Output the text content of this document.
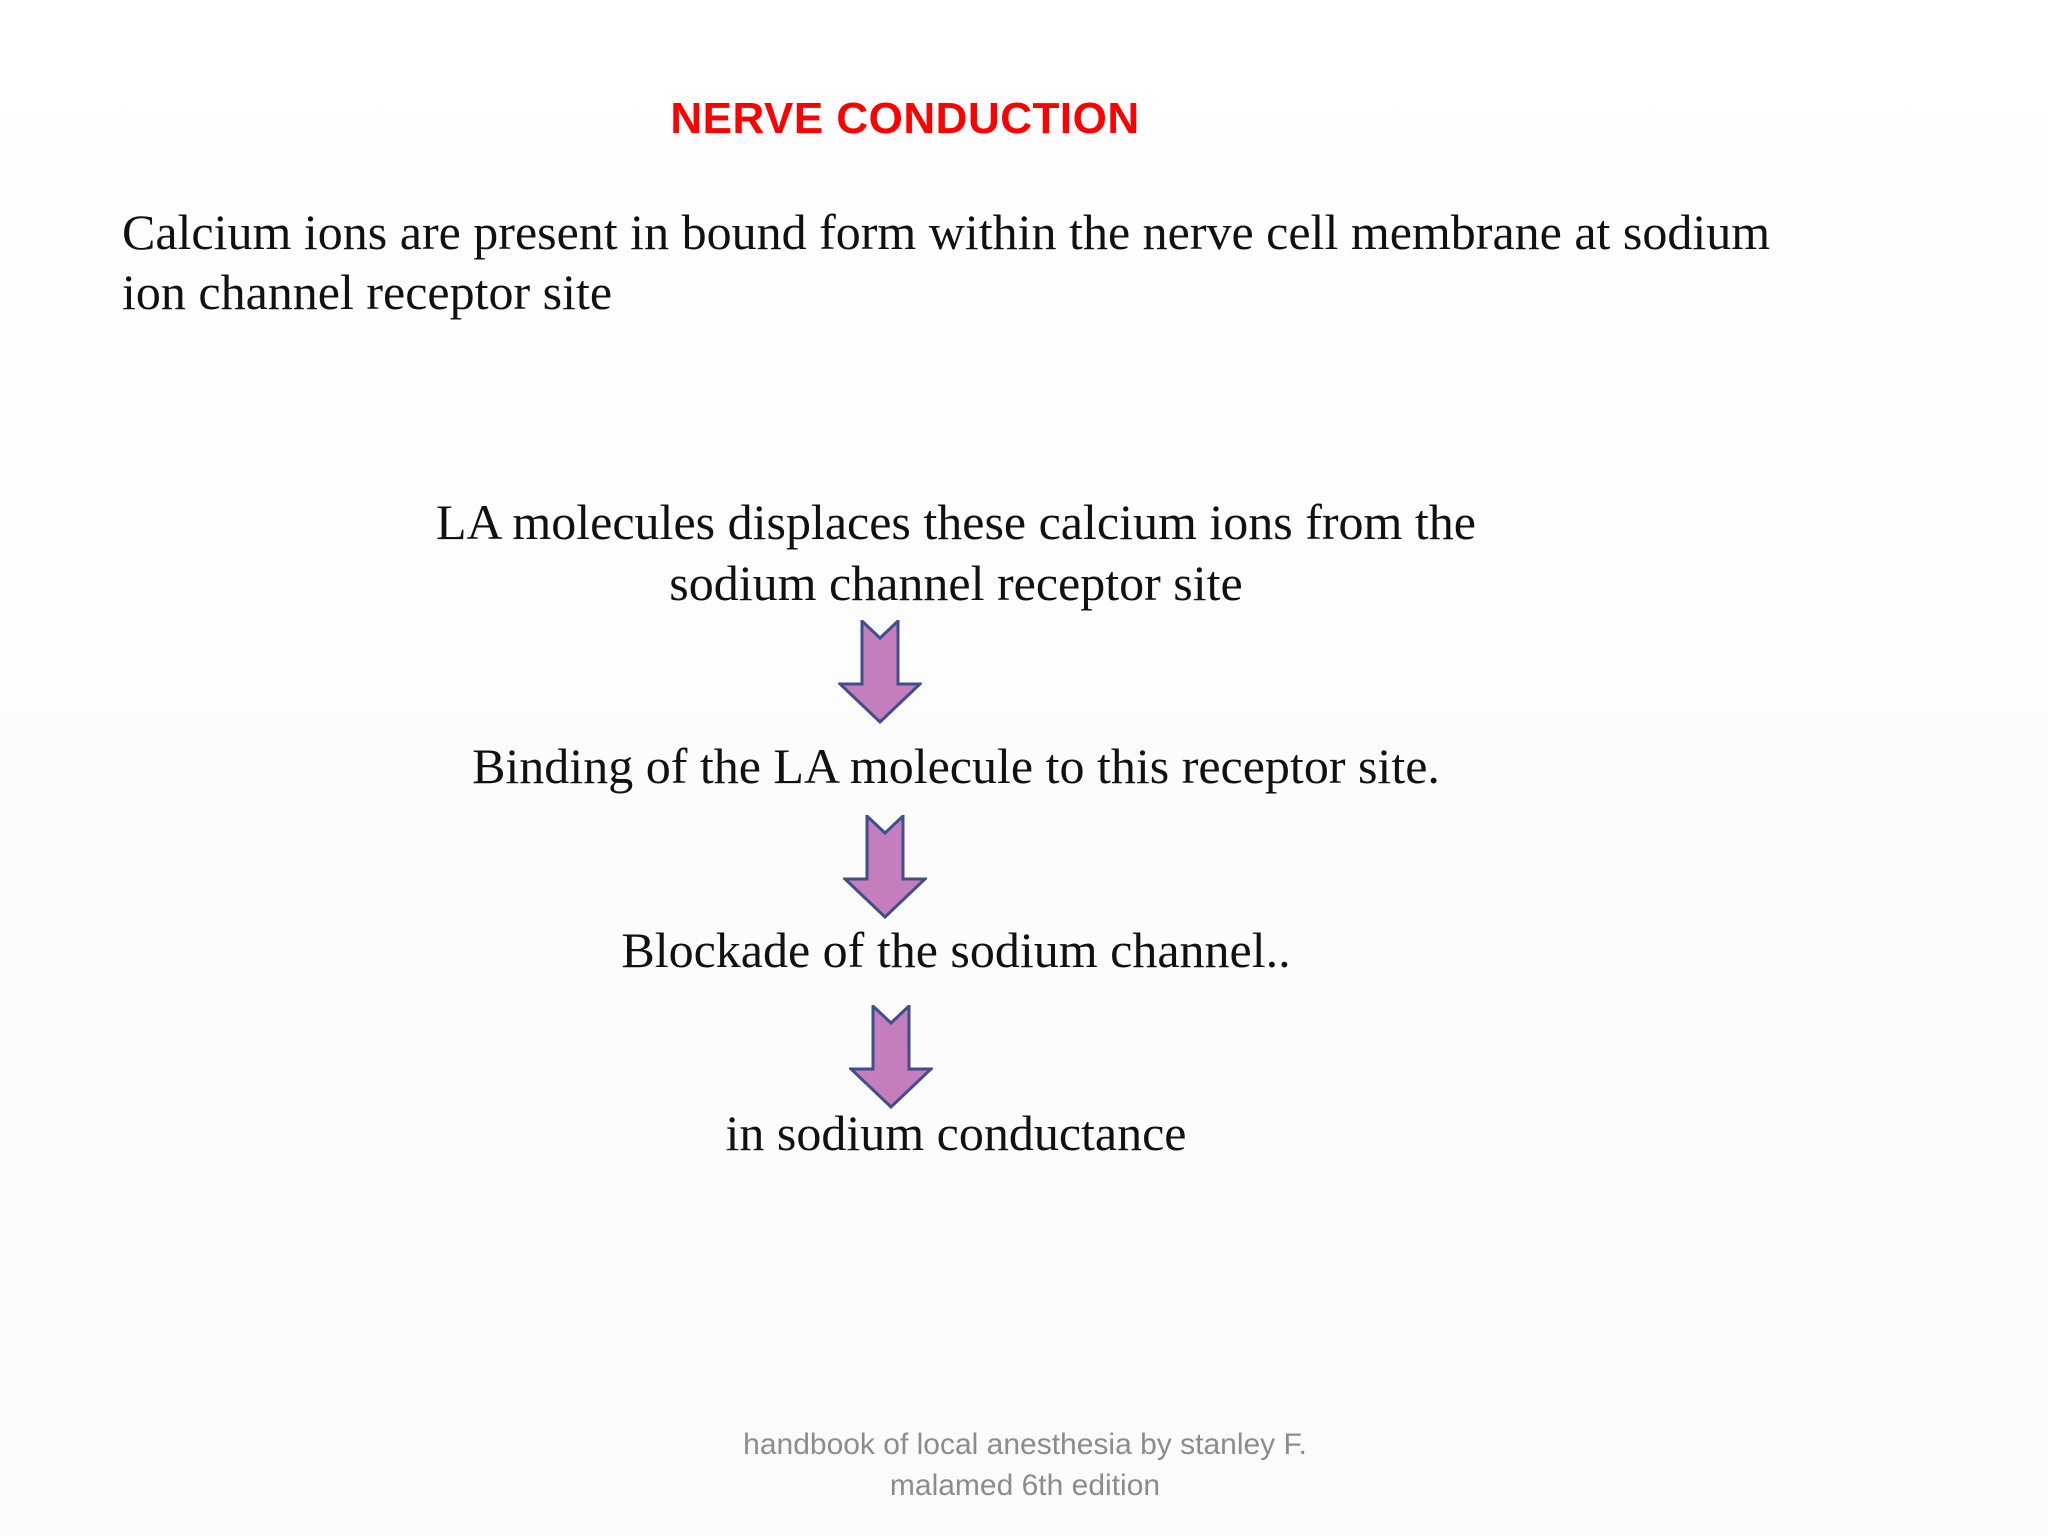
NERVE CONDUCTION
Calcium ions are present in bound form within the nerve cell membrane at sodium
ion channel receptor site
LA molecules displaces these calcium ions from the
sodium channel receptor site
Binding of the LA molecule to this receptor site.
Blockade of the sodium channel..
in sodium conductance
handbook of local anesthesia by stanley F.
malamed 6th edition
